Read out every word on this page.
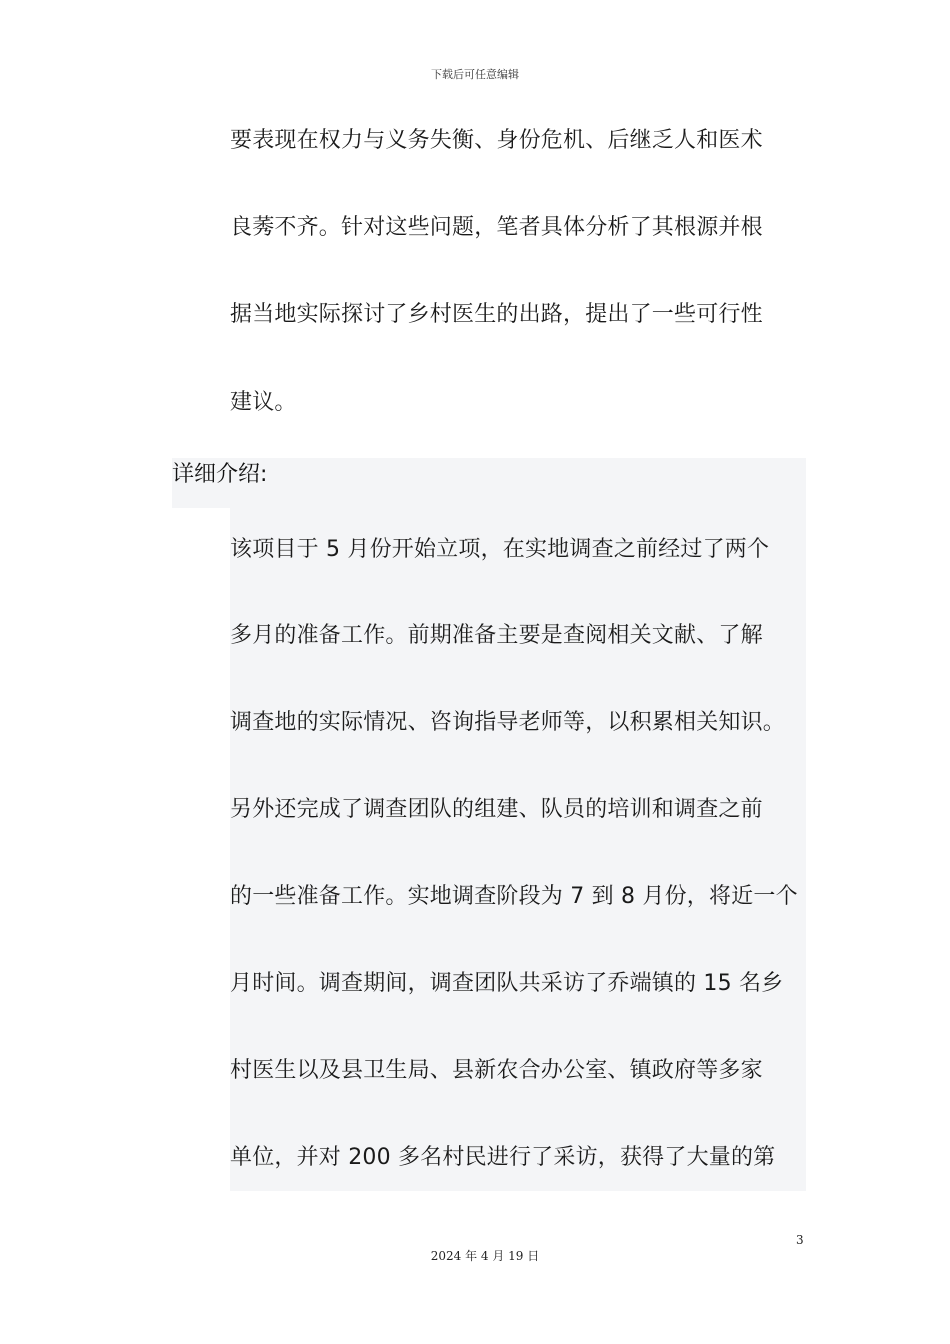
下载后可任意编辑
要表现在权力与义务失衡、身份危机、后继乏人和医术
良莠不齐。针对这些问题，笔者具体分析了其根源并根
据当地实际探讨了乡村医生的出路，提出了一些可行性
建议。
详细介绍:
该项目于 5 月份开始立项，在实地调查之前经过了两个
多月的准备工作。前期准备主要是查阅相关文献、了解
调查地的实际情况、咨询指导老师等，以积累相关知识。
另外还完成了调查团队的组建、队员的培训和调查之前
的一些准备工作。实地调查阶段为 7 到 8 月份，将近一个
月时间。调查期间，调查团队共采访了乔端镇的 15 名乡
村医生以及县卫生局、县新农合办公室、镇政府等多家
单位，并对 200 多名村民进行了采访，获得了大量的第
3
2024 年 4 月 19 日
